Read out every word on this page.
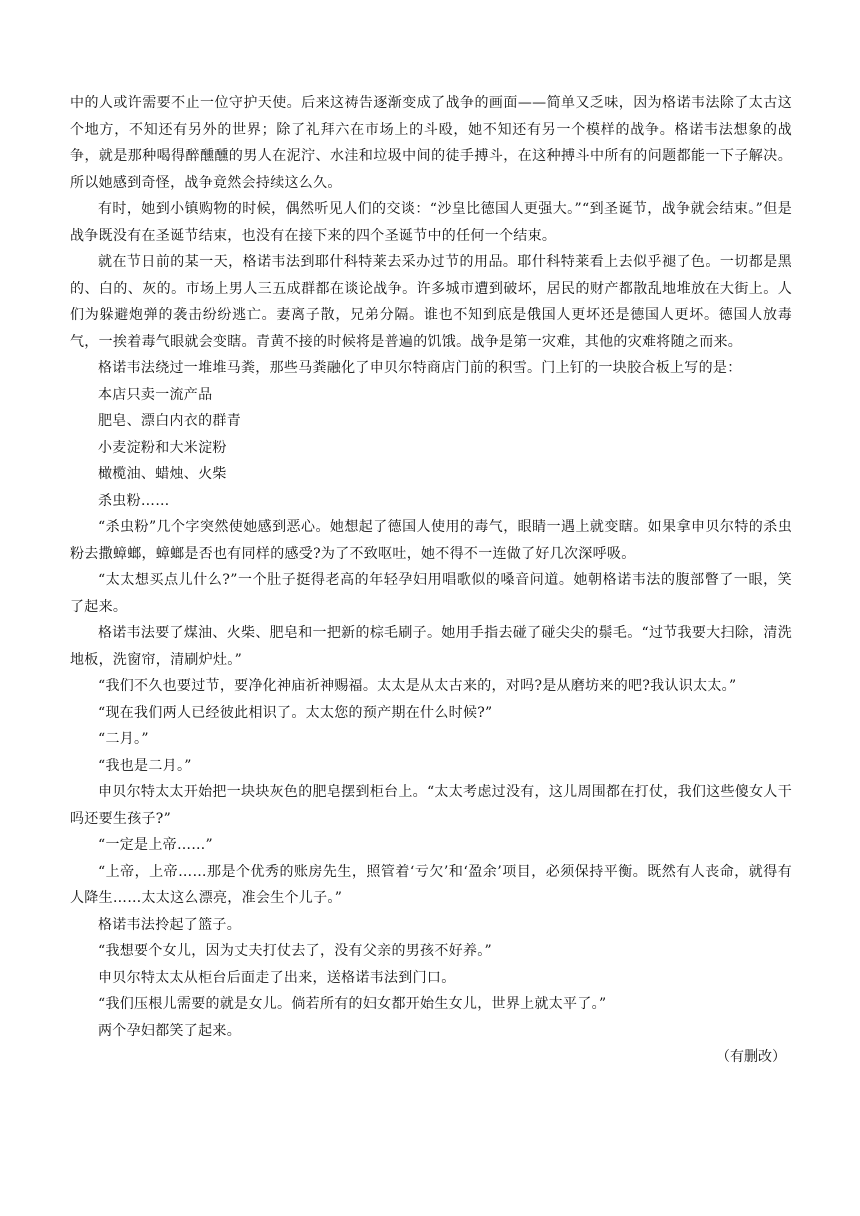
中的人或许需要不止一位守护天使。后来这祷告逐渐变成了战争的画面——简单又乏味，因为格诺韦法除了太古这个地方，不知还有另外的世界；除了礼拜六在市场上的斗殴，她不知还有另一个模样的战争。格诺韦法想象的战争，就是那种喝得醉醺醺的男人在泥泞、水洼和垃圾中间的徒手搏斗，在这种搏斗中所有的问题都能一下子解决。所以她感到奇怪，战争竟然会持续这么久。

有时，她到小镇购物的时候，偶然听见人们的交谈：“沙皇比德国人更强大。”“到圣诞节，战争就会结束。”但是战争既没有在圣诞节结束，也没有在接下来的四个圣诞节中的任何一个结束。

就在节日前的某一天，格诺韦法到耶什科特莱去采办过节的用品。耶什科特莱看上去似乎褪了色。一切都是黑的、白的、灰的。市场上男人三五成群都在谈论战争。许多城市遭到破坏，居民的财产都散乱地堆放在大街上。人们为躲避炮弹的袭击纷纷逃亡。妻离子散，兄弟分隔。谁也不知到底是俄国人更坏还是德国人更坏。德国人放毒气，一挨着毒气眼就会变瞎。青黄不接的时候将是普遍的饥饿。战争是第一灾难，其他的灾难将随之而来。

格诺韦法绕过一堆堆马粪，那些马粪融化了申贝尔特商店门前的积雪。门上钉的一块胶合板上写的是：

本店只卖一流产品

肥皂、漂白内衣的群青

小麦淀粉和大米淀粉

橄榄油、蜡烛、火柴

杀虫粉……

“杀虫粉”几个字突然使她感到恶心。她想起了德国人使用的毒气，眼睛一遇上就变瞎。如果拿申贝尔特的杀虫粉去撒蟑螂，蟑螂是否也有同样的感受?为了不致呕吐，她不得不一连做了好几次深呼吸。

“太太想买点儿什么?”一个肚子挺得老高的年轻孕妇用唱歌似的嗓音问道。她朝格诺韦法的腹部瞥了一眼，笑了起来。

格诺韦法要了煤油、火柴、肥皂和一把新的棕毛刷子。她用手指去碰了碰尖尖的鬃毛。“过节我要大扫除，清洗地板，洗窗帘，清刷炉灶。”

“我们不久也要过节，要净化神庙祈神赐福。太太是从太古来的，对吗?是从磨坊来的吧?我认识太太。”

“现在我们两人已经彼此相识了。太太您的预产期在什么时候?”

“二月。”

“我也是二月。”

申贝尔特太太开始把一块块灰色的肥皂摆到柜台上。“太太考虑过没有，这儿周围都在打仗，我们这些傻女人干吗还要生孩子?”

“一定是上帝……”

“上帝，上帝……那是个优秀的账房先生，照管着‘亏欠’和‘盈余’项目，必须保持平衡。既然有人丧命，就得有人降生……太太这么漂亮，准会生个儿子。”

格诺韦法拎起了篮子。

“我想要个女儿，因为丈夫打仗去了，没有父亲的男孩不好养。”

申贝尔特太太从柜台后面走了出来，送格诺韦法到门口。

“我们压根儿需要的就是女儿。倘若所有的妇女都开始生女儿，世界上就太平了。”

两个孕妇都笑了起来。

（有删改）
